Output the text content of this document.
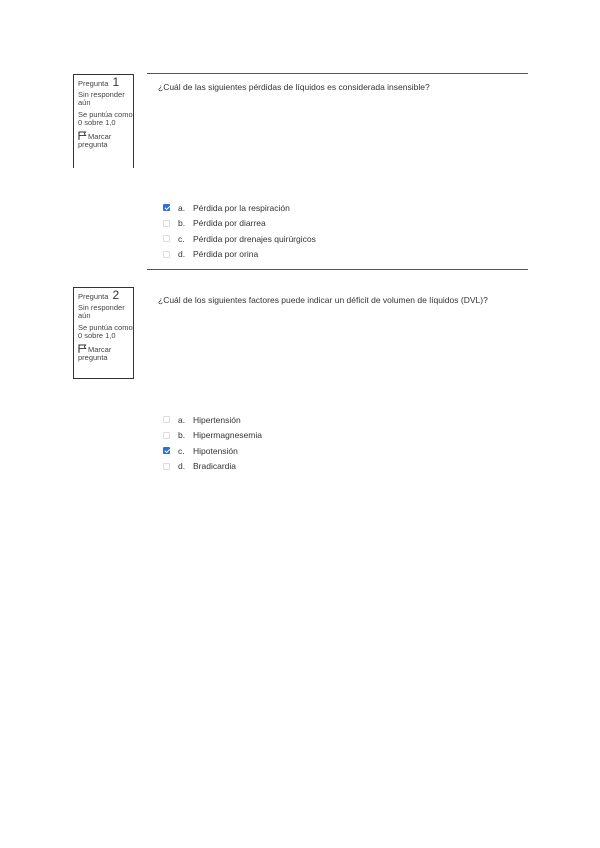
Pregunta 1
Sin responder aún
Se puntúa como 0 sobre 1,0
Marcar pregunta
¿Cuál de las siguientes pérdidas de líquidos es considerada insensible?
a. Pérdida por la respiración
b. Pérdida por diarrea
c. Pérdida por drenajes quirúrgicos
d. Pérdida por orina
Pregunta 2
Sin responder aún
Se puntúa como 0 sobre 1,0
Marcar pregunta
¿Cuál de los siguientes factores puede indicar un déficit de volumen de líquidos (DVL)?
a. Hipertensión
b. Hipermagnesemia
c. Hipotensión
d. Bradicardia
